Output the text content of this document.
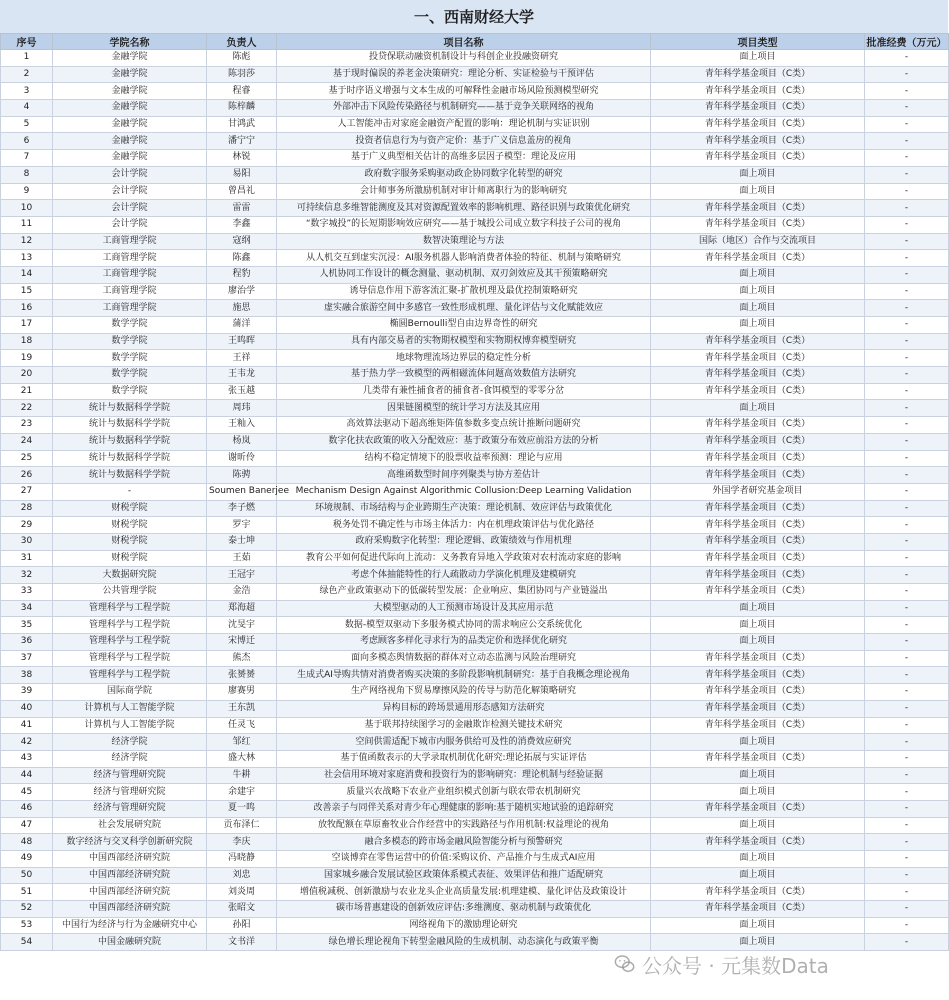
一、西南财经大学
序号	学院名称	负责人	项目名称	项目类型	批准经费（万元）
1	金融学院	陈彪	投贷保联动融资机制设计与科创企业投融资研究	面上项目	-
2	金融学院	陈羽莎	基于现时偏误的养老金决策研究：理论分析、实证检验与干预评估	青年科学基金项目（C类）	-
3	金融学院	程睿	基于时序语义增强与文本生成的可解释性金融市场风险预测模型研究	青年科学基金项目（C类）	-
4	金融学院	陈梓麟	外部冲击下风险传染路径与机制研究——基于竞争关联网络的视角	青年科学基金项目（C类）	-
5	金融学院	甘鸿武	人工智能冲击对家庭金融资产配置的影响：理论机制与实证识别	青年科学基金项目（C类）	-
6	金融学院	潘宁宁	投资者信息行为与资产定价：基于广义信息盖房的视角	青年科学基金项目（C类）	-
7	金融学院	林锐	基于广义典型相关估计的高维多层因子模型：理论及应用	青年科学基金项目（C类）	-
8	会计学院	易阳	政府数字服务采购驱动政企协同数字化转型的研究	面上项目	-
9	会计学院	曾昌礼	会计师事务所激励机制对审计师离职行为的影响研究	面上项目	-
10	会计学院	雷雷	可持续信息多维智能测度及其对资源配置效率的影响机理、路径识别与政策优化研究	青年科学基金项目（C类）	-
11	会计学院	李鑫	“数字城投”的长短期影响效应研究——基于城投公司成立数字科技子公司的视角	青年科学基金项目（C类）	-
12	工商管理学院	寇纲	数智决策理论与方法	国际（地区）合作与交流项目	-
13	工商管理学院	陈鑫	从人机交互到虚实沉浸：AI服务机器人影响消费者体验的特征、机制与策略研究	青年科学基金项目（C类）	-
14	工商管理学院	程豹	人机协同工作设计的概念测量、驱动机制、双刃剑效应及其干预策略研究	面上项目	-
15	工商管理学院	廖治学	诱导信息作用下游客流汇聚-扩散机理及最优控制策略研究	面上项目	-
16	工商管理学院	施思	虚实融合旅游空间中多感官一致性形成机理、量化评估与文化赋能效应	面上项目	-
17	数学学院	蒲洋	椭圆Bernoulli型自由边界奇性的研究	面上项目	-
18	数学学院	王鸣晖	具有内部交易者的实物期权模型和实物期权博弈模型研究	青年科学基金项目（C类）	-
19	数学学院	王祥	地球物理流场边界层的稳定性分析	青年科学基金项目（C类）	-
20	数学学院	王韦龙	基于热力学一致模型的两相磁流体问题高效数值方法研究	青年科学基金项目（C类）	-
21	数学学院	张玉越	几类带有兼性捕食者的捕食者-食饵模型的零零分岔	青年科学基金项目（C类）	-
22	统计与数据科学学院	周玮	因果链图模型的统计学习方法及其应用	面上项目	-
23	统计与数据科学学院	王籼入	高效算法驱动下超高维矩阵值参数多变点统计推断问题研究	青年科学基金项目（C类）	-
24	统计与数据科学学院	杨岚	数字化扶农政策的收入分配效应：基于政策分布效应前沿方法的分析	青年科学基金项目（C类）	-
25	统计与数据科学学院	谢昕伶	结构不稳定情境下的股票收益率预测：理论与应用	青年科学基金项目（C类）	-
26	统计与数据科学学院	陈骋	高维函数型时间序列聚类与协方差估计	青年科学基金项目（C类）	-
27	-	Soumen Banerjee	Mechanism Design Against Algorithmic Collusion:Deep Learning Validation	外国学者研究基金项目	-
28	财税学院	李子燃	环境规制、市场结构与企业跨期生产决策：理论机制、效应评估与政策优化	青年科学基金项目（C类）	-
29	财税学院	罗宇	税务处罚不确定性与市场主体活力：内在机理政策评估与优化路径	青年科学基金项目（C类）	-
30	财税学院	泰士坤	政府采购数字化转型：理论逻辑、政策绩效与作用机理	青年科学基金项目（C类）	-
31	财税学院	王茹	教育公平如何促进代际向上流动：义务教育异地入学政策对农村流动家庭的影响	青年科学基金项目（C类）	-
32	大数据研究院	王冠宇	考虑个体抽能特性的行人疏散动力学演化机理及建模研究	青年科学基金项目（C类）	-
33	公共管理学院	金浩	绿色产业政策驱动下的低碳转型发展：企业响应、集团协同与产业链溢出	青年科学基金项目（C类）	-
34	管理科学与工程学院	郑海超	大模型驱动的人工预测市场设计及其应用示范	面上项目	-
35	管理科学与工程学院	沈旻宇	数据-模型双驱动下多服务模式协同的需求响应公交系统优化	面上项目	-
36	管理科学与工程学院	宋博迁	考虑顾客多样化寻求行为的品类定价和选择优化研究	面上项目	-
37	管理科学与工程学院	熊杰	面向多模态舆情数据的群体对立动态监测与风险治理研究	青年科学基金项目（C类）	-
38	管理科学与工程学院	张赟赟	生成式AI导购共情对消费者购买决策的多阶段影响机制研究：基于自我概念理论视角	青年科学基金项目（C类）	-
39	国际商学院	廖赛男	生产网络视角下贸易摩擦风险的传导与防范化解策略研究	青年科学基金项目（C类）	-
40	计算机与人工智能学院	王东凯	异构目标的跨场景通用形态感知方法研究	青年科学基金项目（C类）	-
41	计算机与人工智能学院	任灵飞	基于联邦持续图学习的金融欺诈检测关键技术研究	青年科学基金项目（C类）	-
42	经济学院	邹红	空间供需适配下城市内服务供给可及性的消费效应研究	面上项目	-
43	经济学院	盛大林	基于值函数表示的大学录取机制优化研究:理论拓展与实证评估	青年科学基金项目（C类）	-
44	经济与管理研究院	牛耕	社会信用环境对家庭消费和投资行为的影响研究：理论机制与经验证据	面上项目	-
45	经济与管理研究院	余建宇	质量兴农战略下农业产业组织模式创新与联农带农机制研究	面上项目	-
46	经济与管理研究院	夏一鸣	改善亲子与同伴关系对青少年心理健康的影响:基于随机实地试验的追踪研究	青年科学基金项目（C类）	-
47	社会发展研究院	贡布泽仁	放牧配额在草原畜牧业合作经营中的实践路径与作用机制:权益理论的视角	面上项目	-
48	数字经济与交叉科学创新研究院	李庆	融合多模态的跨市场金融风险智能分析与预警研究	青年科学基金项目（C类）	-
49	中国西部经济研究院	冯晓静	空谈博弈在零售运营中的价值:采购议价、产品推介与生成式AI应用	面上项目	-
50	中国西部经济研究院	刘忠	国家城乡融合发展试验区政策体系模式表征、效果评估和推广适配研究	面上项目	-
51	中国西部经济研究院	刘炎周	增值税减税、创新激励与农业龙头企业高质量发展:机理建模、量化评估及政策设计	青年科学基金项目（C类）	-
52	中国西部经济研究院	张昭文	碳市场普惠建设的创新效应评估:多维测度、驱动机制与政策优化	青年科学基金项目（C类）	-
53	中国行为经济与行为金融研究中心	孙阳	网络视角下的激励理论研究	面上项目	-
54	中国金融研究院	文书洋	绿色增长理论视角下转型金融风险的生成机制、动态演化与政策平衡	面上项目	-
公众号 · 元集数Data
